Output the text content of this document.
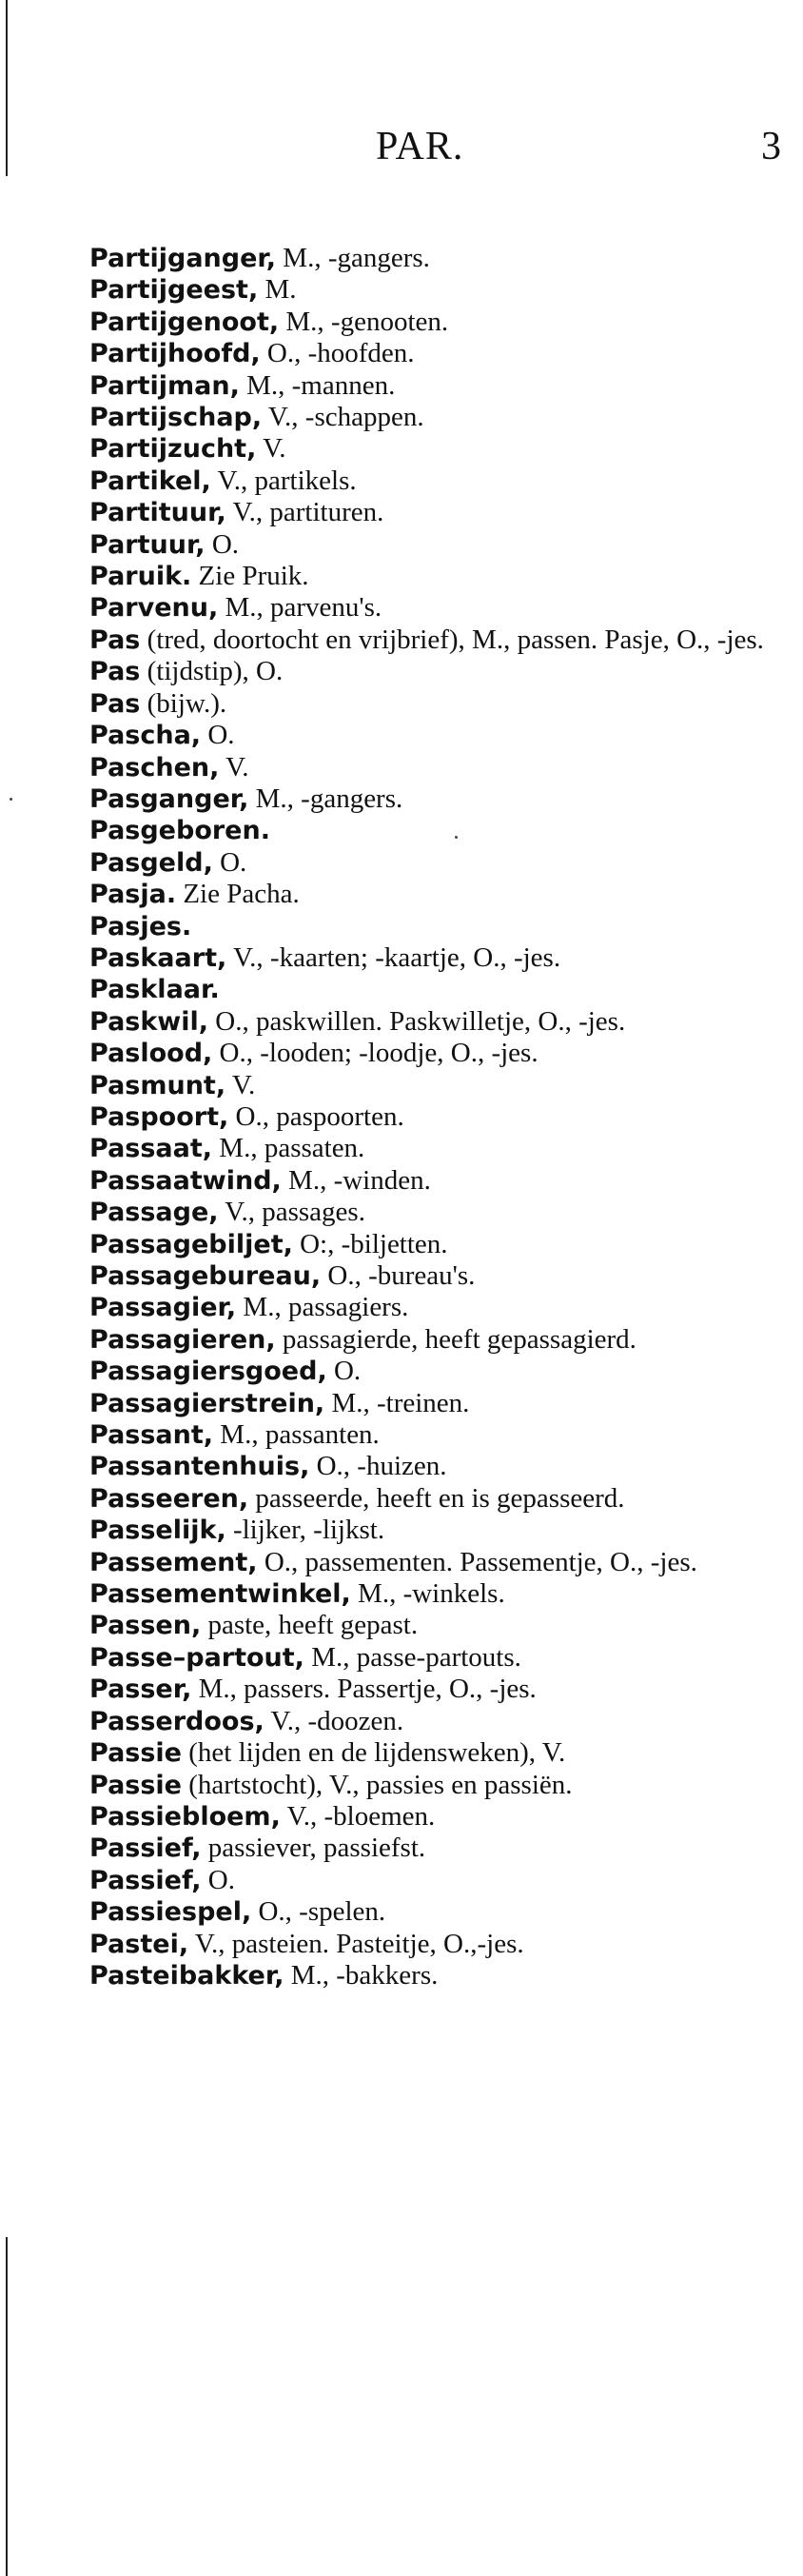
PAR.	3

Partijganger, M., -gangers.

Partijgeest, M.

Partijgenoot, M., -genooten.

Partijhoofd, O., -hoofden.

Partijman, M., -mannen.

Partijschap, V., -schappen.

Partijzucht, V.

Partikel, V., partikels.

Partituur, V., partituren.

Partuur, O.

Paruik. Zie Pruik.

Parvenu, M., parvenu's.

Pas (tred, doortocht en vrijbrief), M., passen. Pasje, O., -jes.

Pas (tijdstip), O.

Pas (bijw.).

Pascha, O.

Paschen, V.

Pasganger, M., -gangers.

Pasgeboren.

Pasgeld, O.

Pasja. Zie Pacha.

Pasjes.

Paskaart, V., -kaarten; -kaartje, O., -jes.

Pasklaar.

Paskwil, O., paskwillen. Paskwilletje, O., -jes.

Paslood, O., -looden; -loodje, O., -jes.

Pasmunt, V.

Paspoort, O., paspoorten.

Passaat, M., passaten.

Passaatwind, M., -winden.

Passage, V., passages.

Passagebiljet, O:, -biljetten.

Passagebureau, O., -bureau's.

Passagier, M., passagiers.

Passagieren, passagierde, heeft gepassagierd.

Passagiersgoed, O.

Passagierstrein, M., -treinen.

Passant, M., passanten.

Passantenhuis, O., -huizen.

Passeeren, passeerde, heeft en is gepasseerd.

Passelijk, -lijker, -lijkst.

Passement, O., passementen. Passementje, O., -jes.

Passementwinkel, M., -winkels.

Passen, paste, heeft gepast.

Passe–partout, M., passe-partouts.

Passer, M., passers. Passertje, O., -jes.

Passerdoos, V., -doozen.

Passie (het lijden en de lijdensweken), V.

Passie (hartstocht), V., passies en passiën.

Passiebloem, V., -bloemen.

Passief, passiever, passiefst.

Passief, O.

Passiespel, O., -spelen.

Pastei, V., pasteien. Pasteitje, O.,-jes.

Pasteibakker, M., -bakkers.
